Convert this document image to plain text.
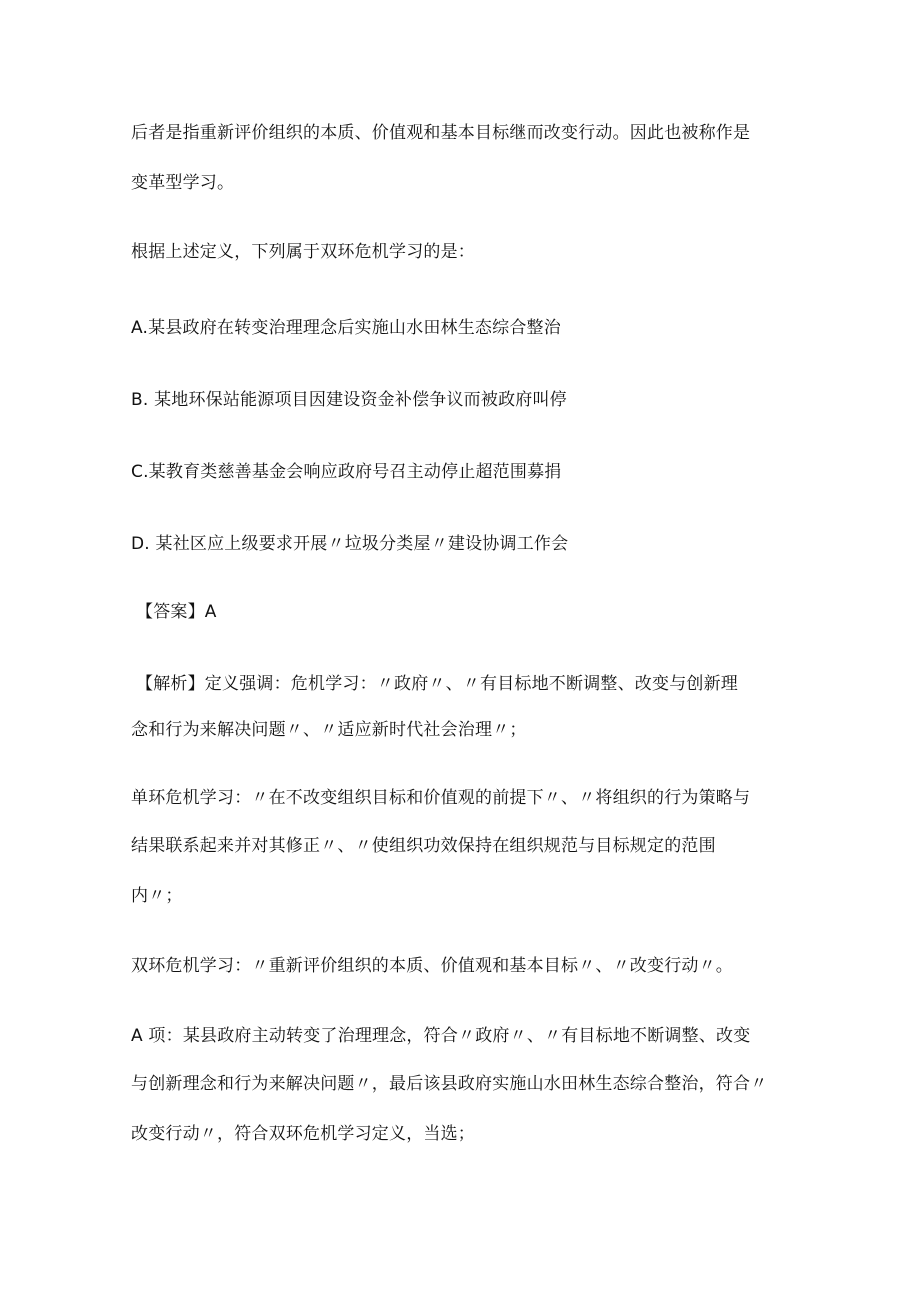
后者是指重新评价组织的本质、价值观和基本目标继而改变行动。因此也被称作是
变革型学习。
根据上述定义，下列属于双环危机学习的是：
A.某县政府在转变治理理念后实施山水田林生态综合整治
B. 某地环保站能源项目因建设资金补偿争议而被政府叫停
C.某教育类慈善基金会响应政府号召主动停止超范围募捐
D. 某社区应上级要求开展〃垃圾分类屋〃建设协调工作会
【答案】A
【解析】定义强调：危机学习：〃政府〃、〃有目标地不断调整、改变与创新理
念和行为来解决问题〃、〃适应新时代社会治理〃；
单环危机学习：〃在不改变组织目标和价值观的前提下〃、〃将组织的行为策略与
结果联系起来并对其修正〃、〃使组织功效保持在组织规范与目标规定的范围
内〃；
双环危机学习：〃重新评价组织的本质、价值观和基本目标〃、〃改变行动〃。
A 项：某县政府主动转变了治理理念，符合〃政府〃、〃有目标地不断调整、改变
与创新理念和行为来解决问题〃，最后该县政府实施山水田林生态综合整治，符合〃
改变行动〃，符合双环危机学习定义，当选；
